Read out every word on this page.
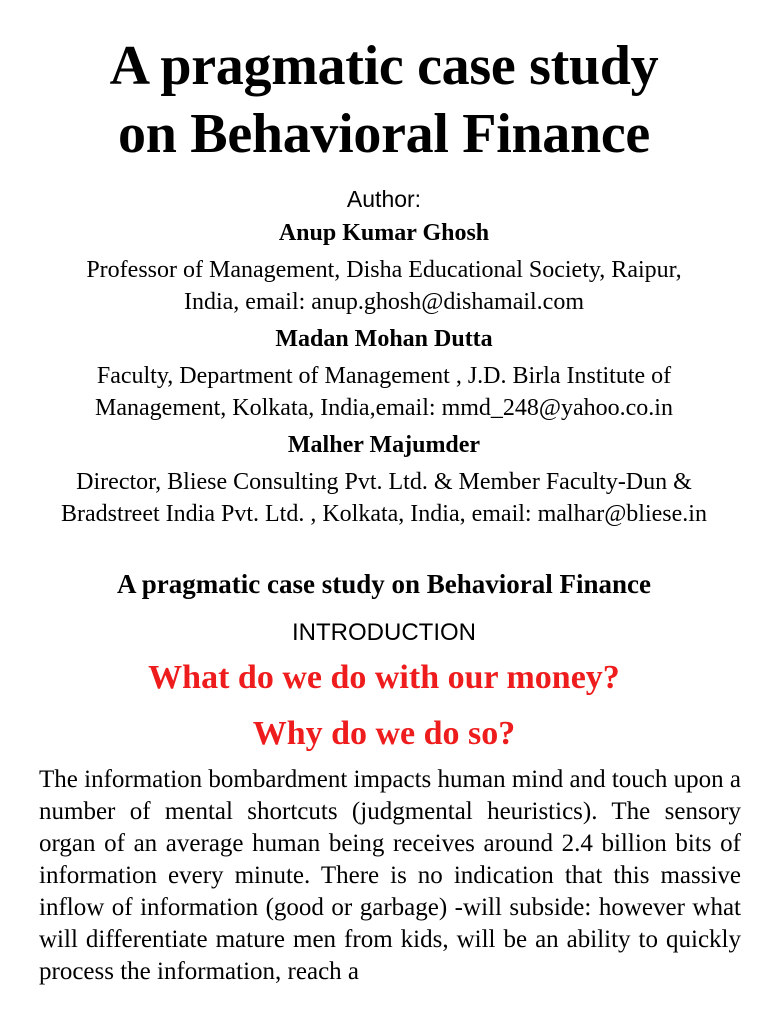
A pragmatic case study
on Behavioral Finance

Author:

Anup Kumar Ghosh

Professor of Management, Disha Educational Society, Raipur,
India, email: anup.ghosh@dishamail.com

Madan Mohan Dutta

Faculty, Department of Management , J.D. Birla Institute of
Management, Kolkata, India,email: mmd_248@yahoo.co.in

Malher Majumder

Director, Bliese Consulting Pvt. Ltd. & Member Faculty-Dun &
Bradstreet India Pvt. Ltd. , Kolkata, India, email: malhar@bliese.in

A pragmatic case study on Behavioral Finance

INTRODUCTION

What do we do with our money?

Why do we do so?

The information bombardment impacts human mind and touch upon a number of mental shortcuts (judgmental heuristics). The sensory organ of an average human being receives around 2.4 billion bits of information every minute. There is no indication that this massive inflow of information (good or garbage) -will subside: however what will differentiate mature men from kids, will be an ability to quickly process the information, reach a
